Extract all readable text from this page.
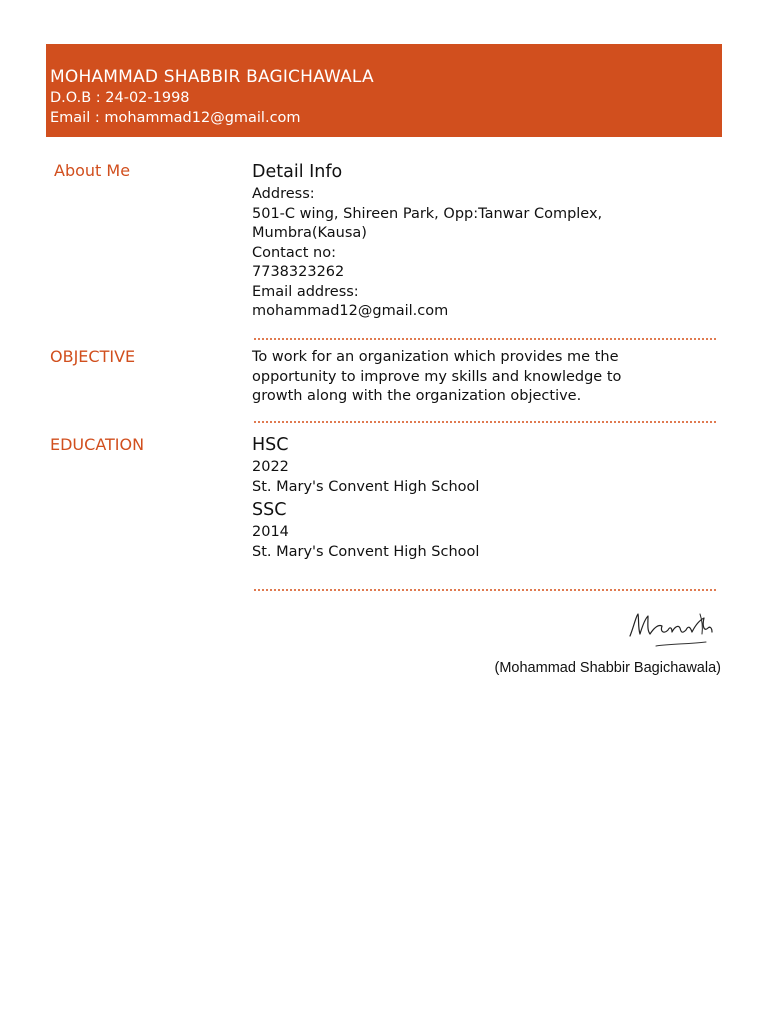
MOHAMMAD SHABBIR BAGICHAWALA
D.O.B : 24-02-1998
Email : mohammad12@gmail.com
About Me	Detail Info
Address:
501-C wing, Shireen Park, Opp:Tanwar Complex,
Mumbra(Kausa)
Contact no:
7738323262
Email address:
mohammad12@gmail.com
OBJECTIVE	To work for an organization which provides me the
opportunity to improve my skills and knowledge to
growth along with the organization objective.
EDUCATION	HSC
2022
St. Mary's Convent High School
SSC
2014
St. Mary's Convent High School
(Mohammad Shabbir Bagichawala)
